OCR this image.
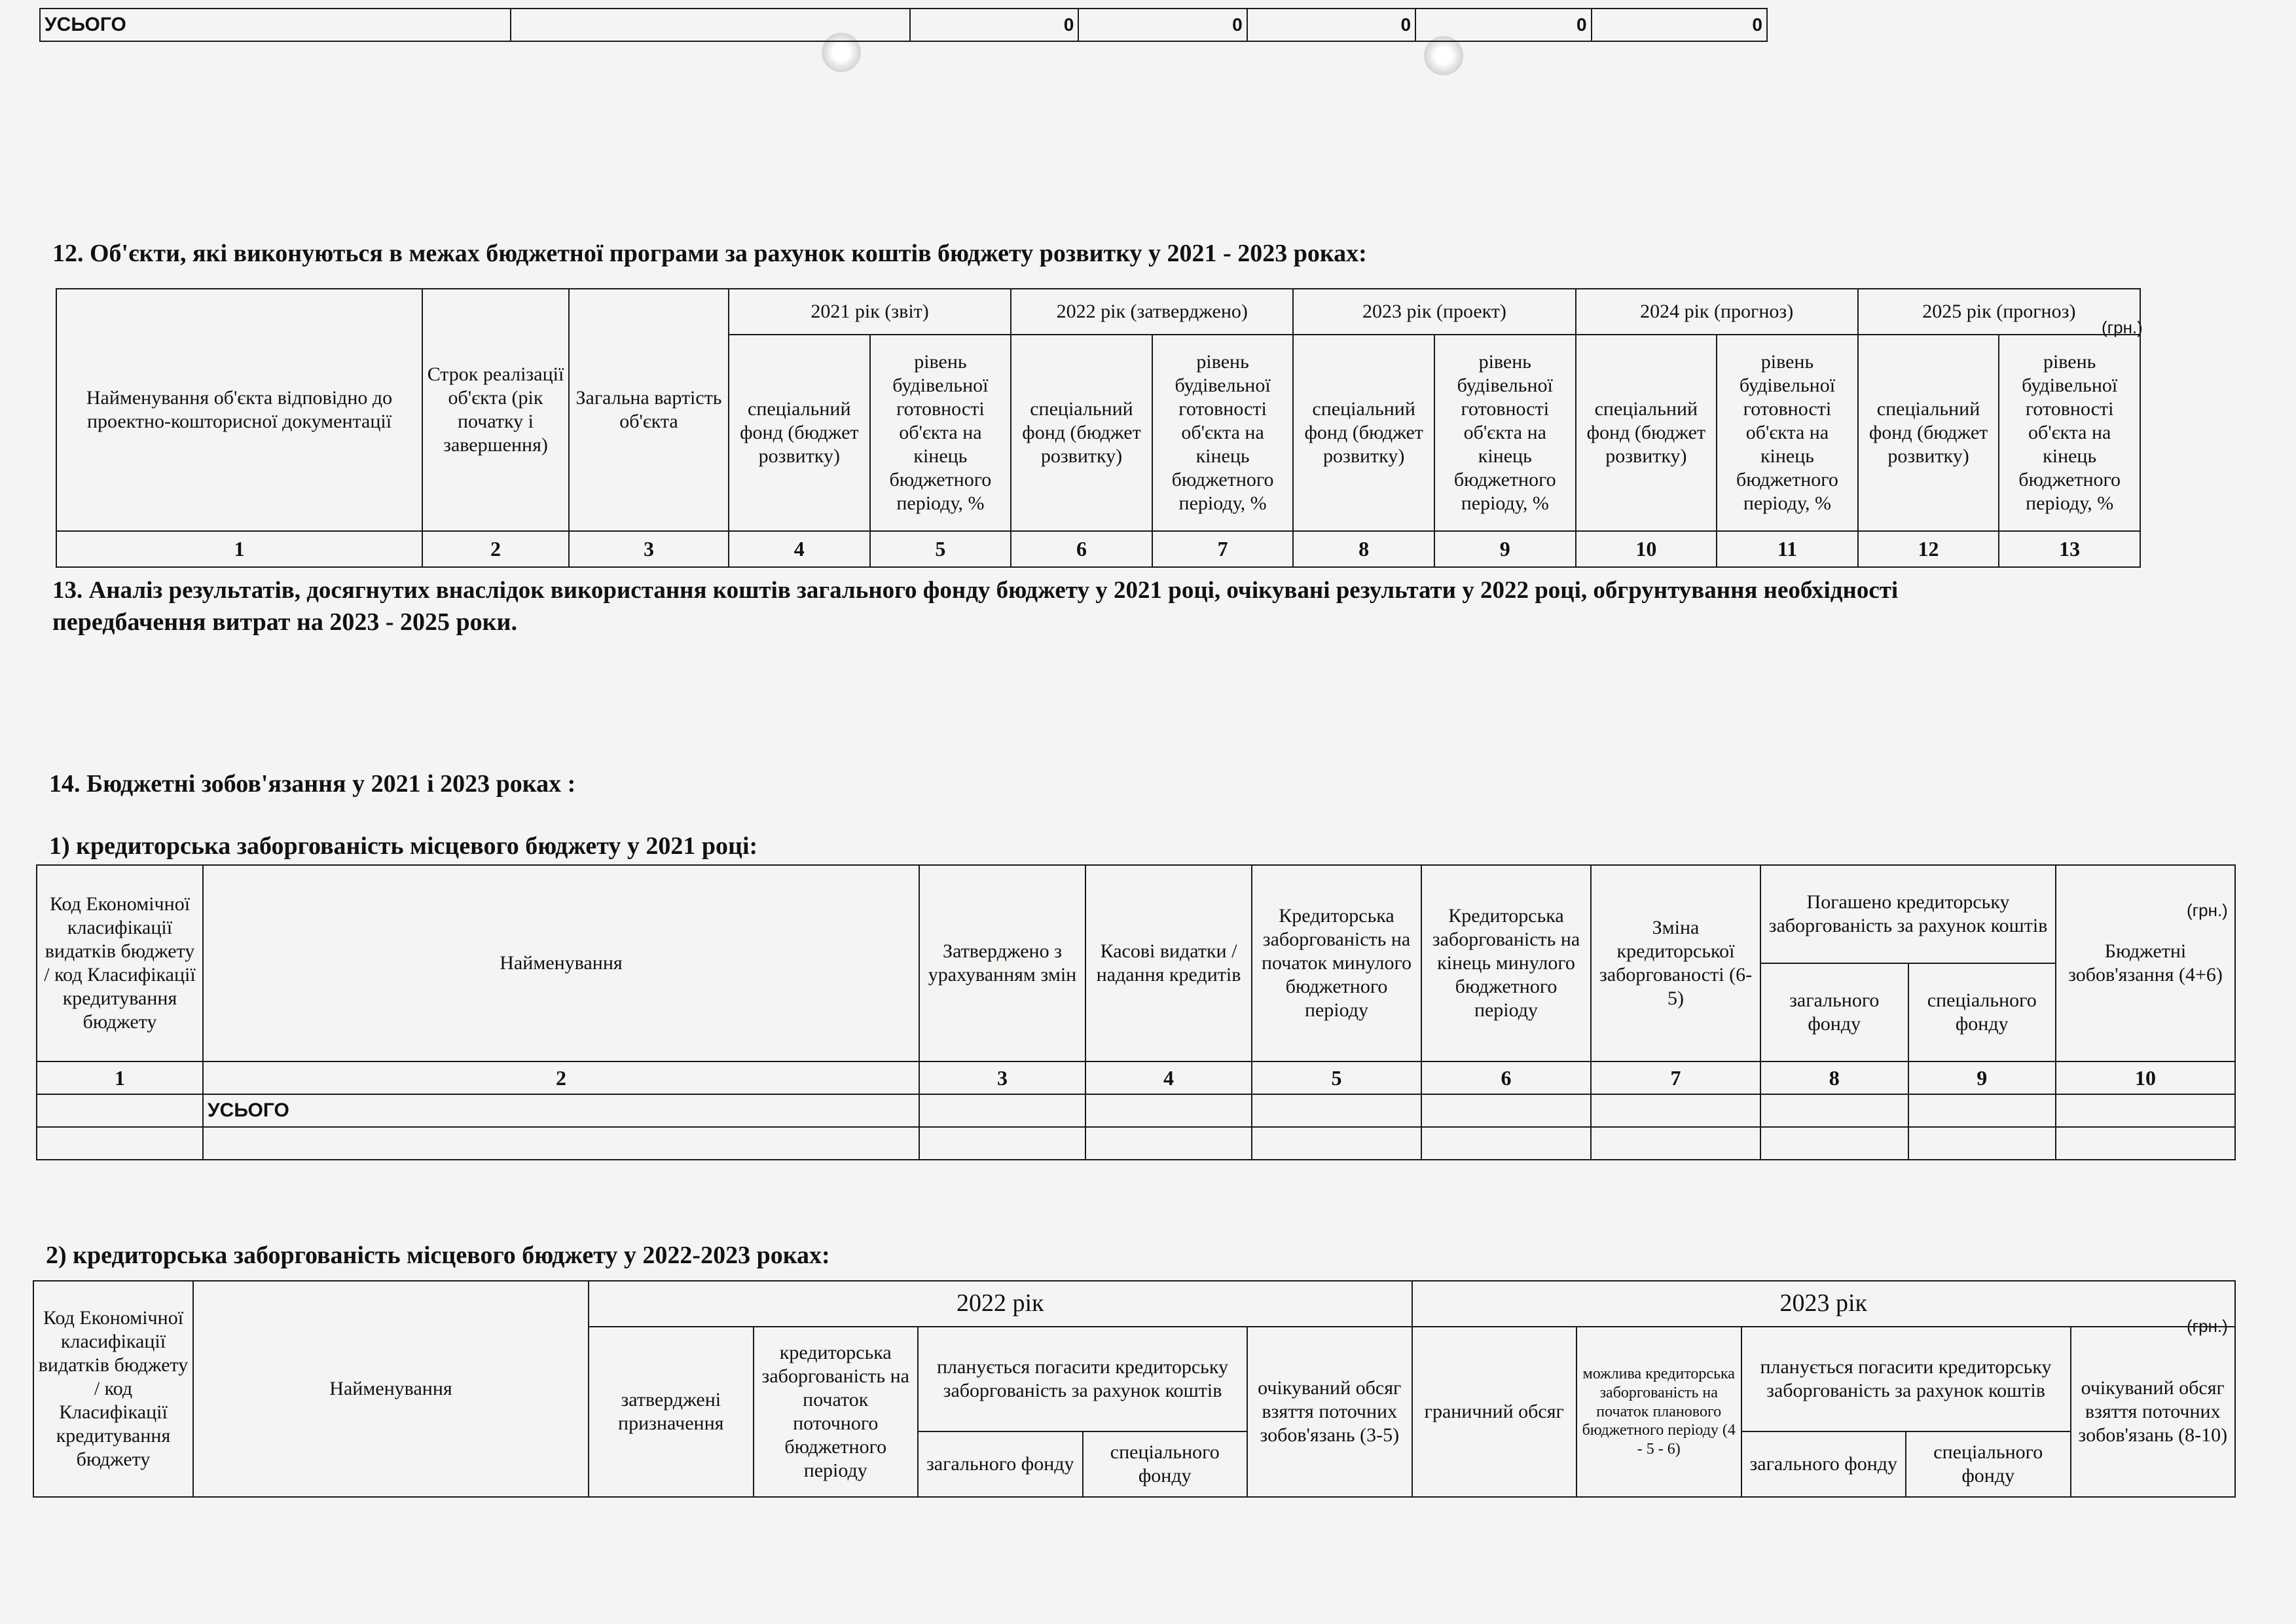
УСЬОГО		0	0	0	0	0
12. Об'єкти, які виконуються в межах бюджетної програми за рахунок коштів бюджету розвитку у 2021 - 2023 роках:
(грн.)
Найменування об'єкта відповідно до проектно-кошторисної документації	Строк реалізації об'єкта (рік початку і завершення)	Загальна вартість об'єкта	2021 рік (звіт)		2022 рік (затверджено)		2023 рік (проект)		2024 рік (прогноз)		2025 рік (прогноз)	
			спеціальний фонд (бюджет розвитку)	рівень будівельної готовності об'єкта на кінець бюджетного періоду, %	спеціальний фонд (бюджет розвитку)	рівень будівельної готовності об'єкта на кінець бюджетного періоду, %	спеціальний фонд (бюджет розвитку)	рівень будівельної готовності об'єкта на кінець бюджетного періоду, %	спеціальний фонд (бюджет розвитку)	рівень будівельної готовності об'єкта на кінець бюджетного періоду, %	спеціальний фонд (бюджет розвитку)	рівень будівельної готовності об'єкта на кінець бюджетного періоду, %
1	2	3	4	5	6	7	8	9	10	11	12	13
13. Аналіз результатів, досягнутих внаслідок використання коштів загального фонду бюджету у 2021 році, очікувані результати у 2022 році, обгрунтування необхідності
передбачення витрат на 2023 - 2025 роки.
14. Бюджетні зобов'язання у 2021 і 2023 роках :
1) кредиторська заборгованість місцевого бюджету у 2021 році:
(грн.)
Код Економічної класифікації видатків бюджету / код Класифікації кредитування бюджету	Найменування	Затверджено з урахуванням змін	Касові видатки / надання кредитів	Кредиторська заборгованість на початок минулого бюджетного періоду	Кредиторська заборгованість на кінець минулого бюджетного періоду	Зміна кредиторської заборгованості (6-5)	Погашено кредиторську заборгованість за рахунок коштів		Бюджетні зобов'язання (4+6)
							загального фонду	спеціального фонду	
1	2	3	4	5	6	7	8	9	10
	УСЬОГО								

2) кредиторська заборгованість місцевого бюджету у 2022-2023 роках:
(грн.)
Код Економічної класифікації видатків бюджету / код Класифікації кредитування бюджету	Найменування	2022 рік					2023 рік				
		затверджені призначення	кредиторська заборгованість на початок поточного бюджетного періоду	планується погасити кредиторську заборгованість за рахунок коштів		очікуваний обсяг взяття поточних зобов'язань (3-5)	граничний обсяг	можлива кредиторська заборгованість на початок планового бюджетного періоду (4 - 5 - 6)	планується погасити кредиторську заборгованість за рахунок коштів		очікуваний обсяг взяття поточних зобов'язань (8-10)
				загального фонду	спеціального фонду				загального фонду	спеціального фонду	
